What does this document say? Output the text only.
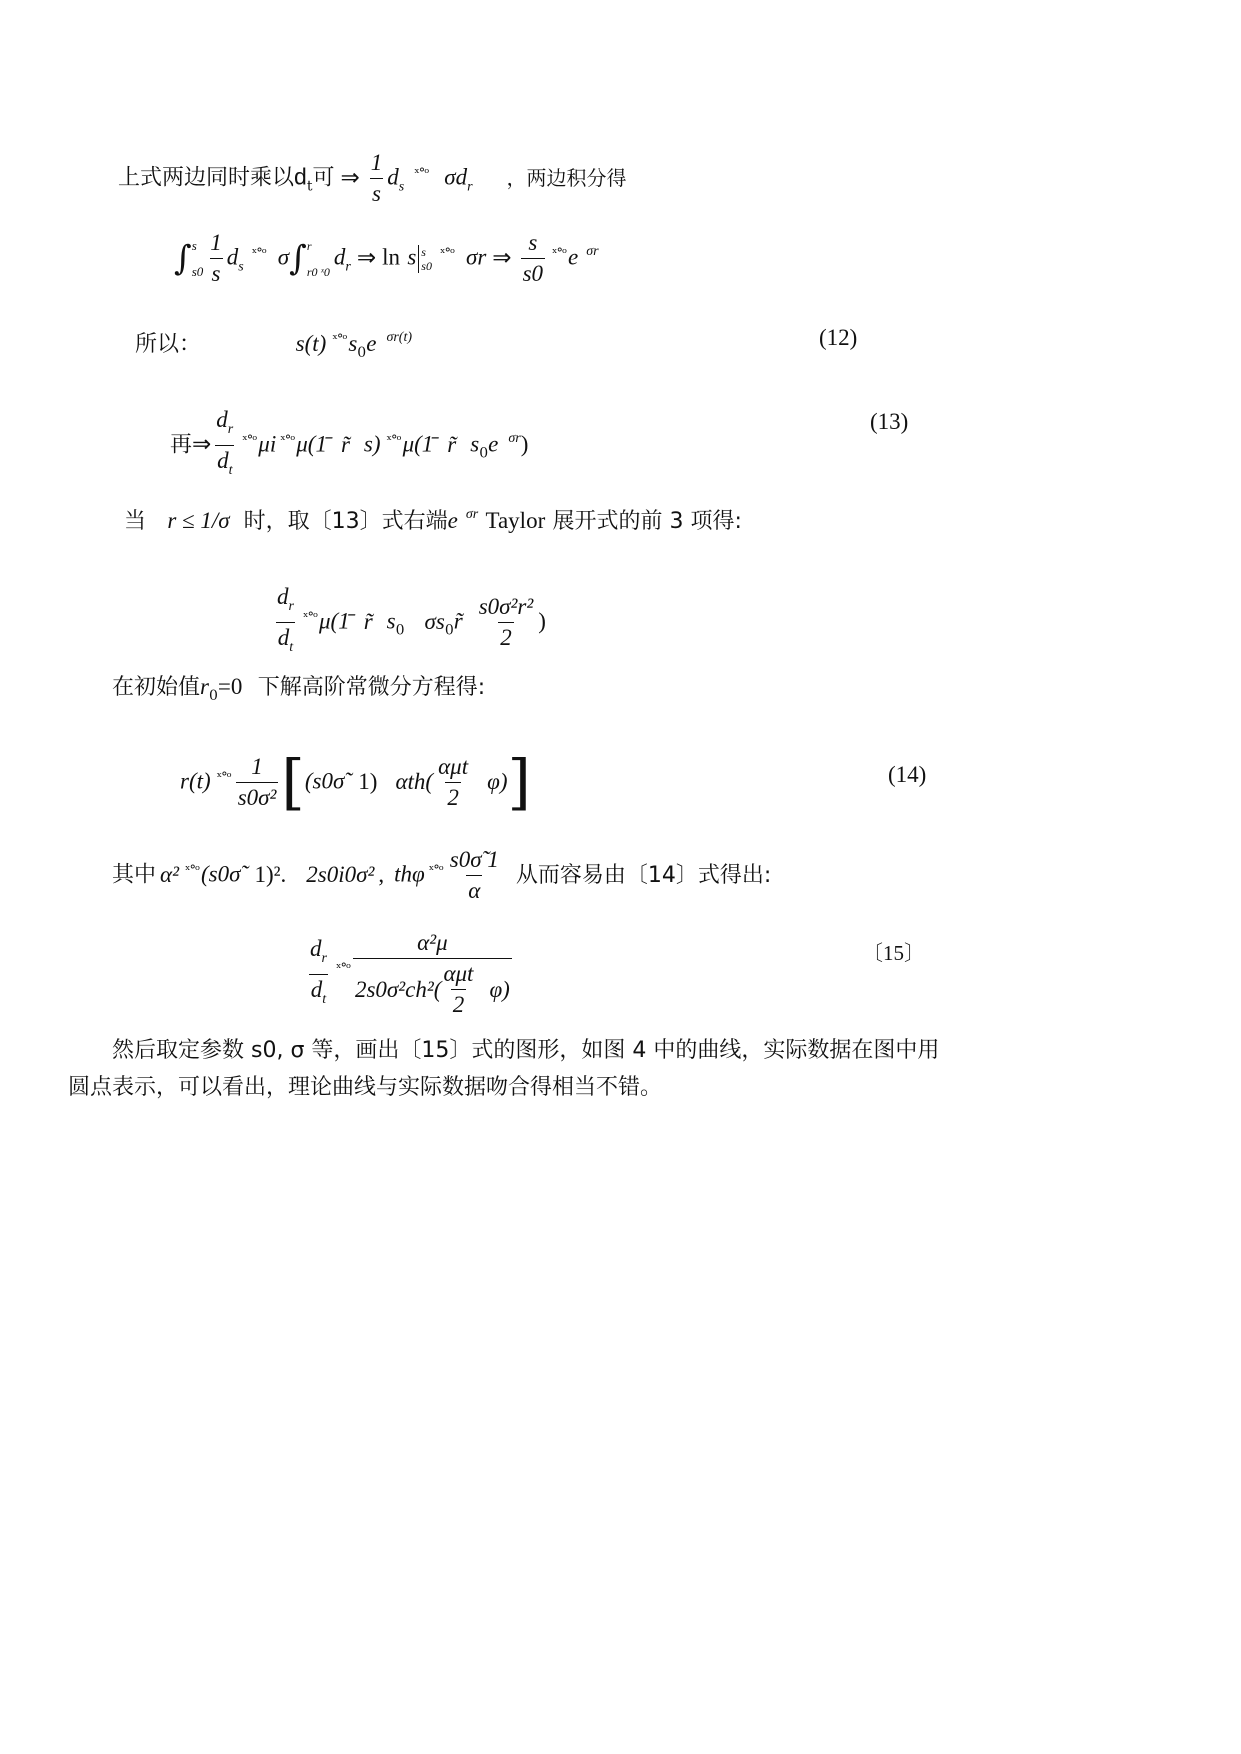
上式两边同时乘以$d_t$可 ⇒ $\frac{1}{s} d_s^{ˣ^\circ ᵒ}$ $\sigma d_r$ ，两边积分得
∫ s
$s0 \frac{1}{s} d_s^{ˣ^\circ ᵒ}$ σ∫ r
r0 ˣ0
$d_r$ ⇒ ln s s
s0
$^{ˣ^\circ ᵒ}$ σr ⇒ $\frac{s}{s0} ^{ˣ^\circ ᵒ}e$ $^{\sigma r}$
所以：	s(t) $^{ˣ^\circ ᵒ}s_0e$ $^{\sigma r(t)}$	(12)
再⇒ $\frac{d_r}{d_t} ^{ˣ^\circ ᵒ}\mu i$ $^{ˣ^\circ ᵒ}$μ(1̄ r̃ s) $^{ˣ^\circ ᵒ}$μ(1̄ r̃ $s_0e$ $^{\sigma r}$)
(13)
当 r ≤ 1/σ 时，取〔13〕式右端e $^{\sigma r}$ Taylor 展开式的前 3 项得:
$\frac{d_r}{d_t}$ $^{ˣ^\circ ᵒ}$μ(1̄ r̃ $s_0$ $\sigma s_0r̃ \frac{\text{s0σ²r²}}{2}$ )
在初始值$r_0=0$ 下解高阶常微分方程得:
r(t) $^{ˣ^\circ ᵒ} \frac{1}{\text{s0σ²}}$ [(s0σ̃ 1) $\alpha th( \frac{\text{αμt}}{2} \varphi)$]	(14)
其中 α² $^{ˣ^\circ ᵒ}$(s0σ̃ 1)². 2s0i0σ² , thφ $^{ˣ^\circ ᵒ} \frac{s0\sigmã 1}{\alpha}$ 从而容易由〔14〕式得出:
$\frac{d_r}{d_t} ^{ˣ^\circ ᵒ} \frac{\text{α²μ}}{2s0\sigma^2ch^2( \frac{\text{αμt}}{2} \varphi)}$	〔15〕
然后取定参数 s0, σ 等，画出〔15〕式的图形，如图 4 中的曲线，实际数据在图中用
圆点表示，可以看出，理论曲线与实际数据吻合得相当不错。
